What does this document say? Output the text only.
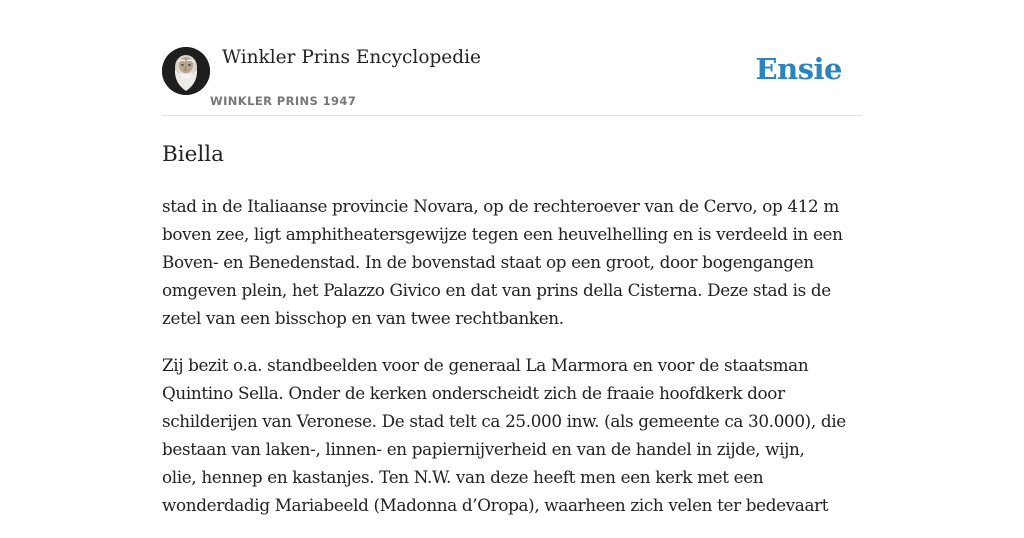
Winkler Prins Encyclopedie
WINKLER PRINS 1947
Ensie
Biella

stad in de Italiaanse provincie Novara, op de rechteroever van de Cervo, op 412 m
boven zee, ligt amphitheatersgewijze tegen een heuvelhelling en is verdeeld in een
Boven- en Benedenstad. In de bovenstad staat op een groot, door bogengangen
omgeven plein, het Palazzo Givico en dat van prins della Cisterna. Deze stad is de
zetel van een bisschop en van twee rechtbanken.

Zij bezit o.a. standbeelden voor de generaal La Marmora en voor de staatsman
Quintino Sella. Onder de kerken onderscheidt zich de fraaie hoofdkerk door
schilderijen van Veronese. De stad telt ca 25.000 inw. (als gemeente ca 30.000), die
bestaan van laken-, linnen- en papiernijverheid en van de handel in zijde, wijn,
olie, hennep en kastanjes. Ten N.W. van deze heeft men een kerk met een
wonderdadig Mariabeeld (Madonna d’Oropa), waarheen zich velen ter bedevaart
